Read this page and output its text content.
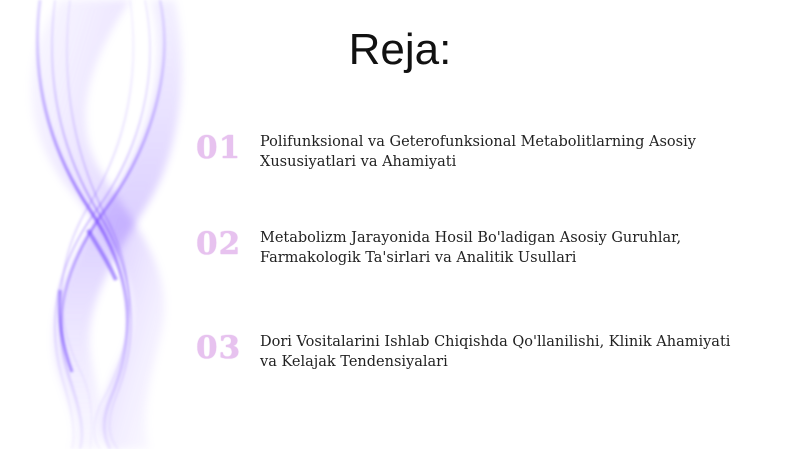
Reja:
01	Polifunksional va Geterofunksional Metabolitlarning Asosiy Xususiyatlari va Ahamiyati
02	Metabolizm Jarayonida Hosil Bo'ladigan Asosiy Guruhlar, Farmakologik Ta'sirlari va Analitik Usullari
03	Dori Vositalarini Ishlab Chiqishda Qo'llanilishi, Klinik Ahamiyati va Kelajak Tendensiyalari
